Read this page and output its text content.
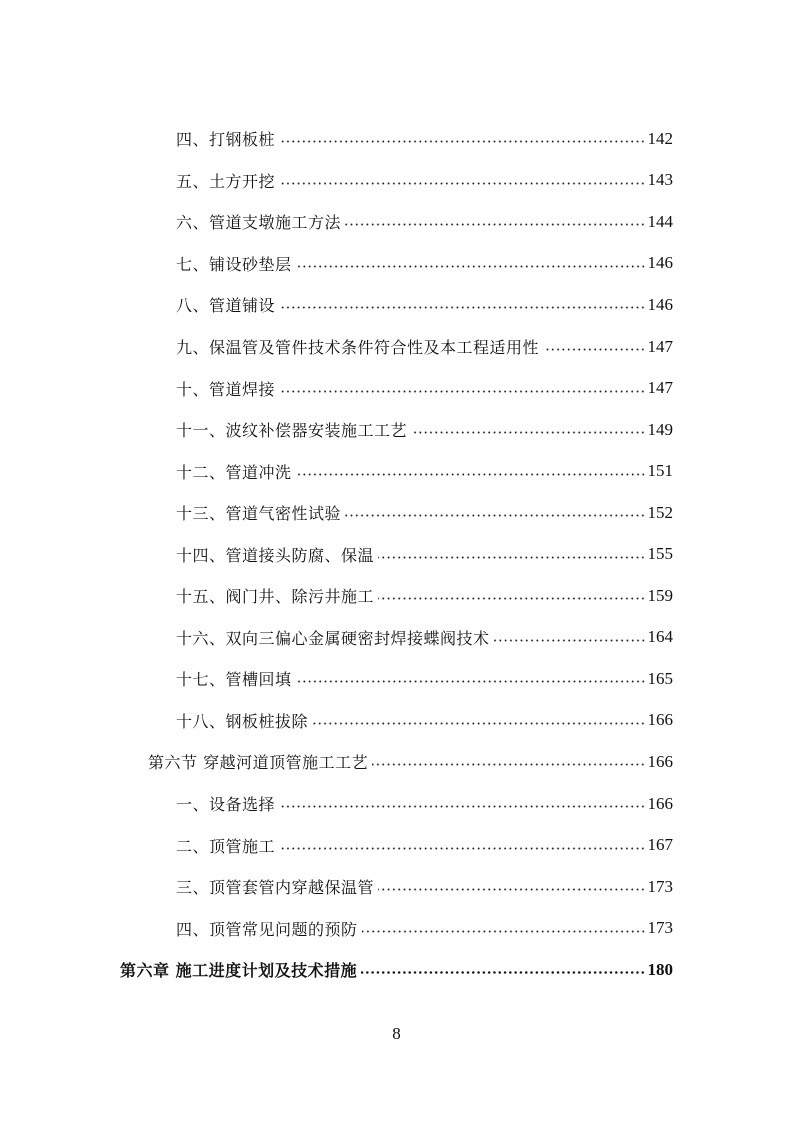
四、打钢板桩	142
五、土方开挖	143
六、管道支墩施工方法	144
七、铺设砂垫层	146
八、管道铺设	146
九、保温管及管件技术条件符合性及本工程适用性	147
十、管道焊接	147
十一、波纹补偿器安装施工工艺	149
十二、管道冲洗	151
十三、管道气密性试验	152
十四、管道接头防腐、保温	155
十五、阀门井、除污井施工	159
十六、双向三偏心金属硬密封焊接蝶阀技术	164
十七、管槽回填	165
十八、钢板桩拔除	166
第六节 穿越河道顶管施工工艺	166
一、设备选择	166
二、顶管施工	167
三、顶管套管内穿越保温管	173
四、顶管常见问题的预防	173
第六章 施工进度计划及技术措施	180
8
